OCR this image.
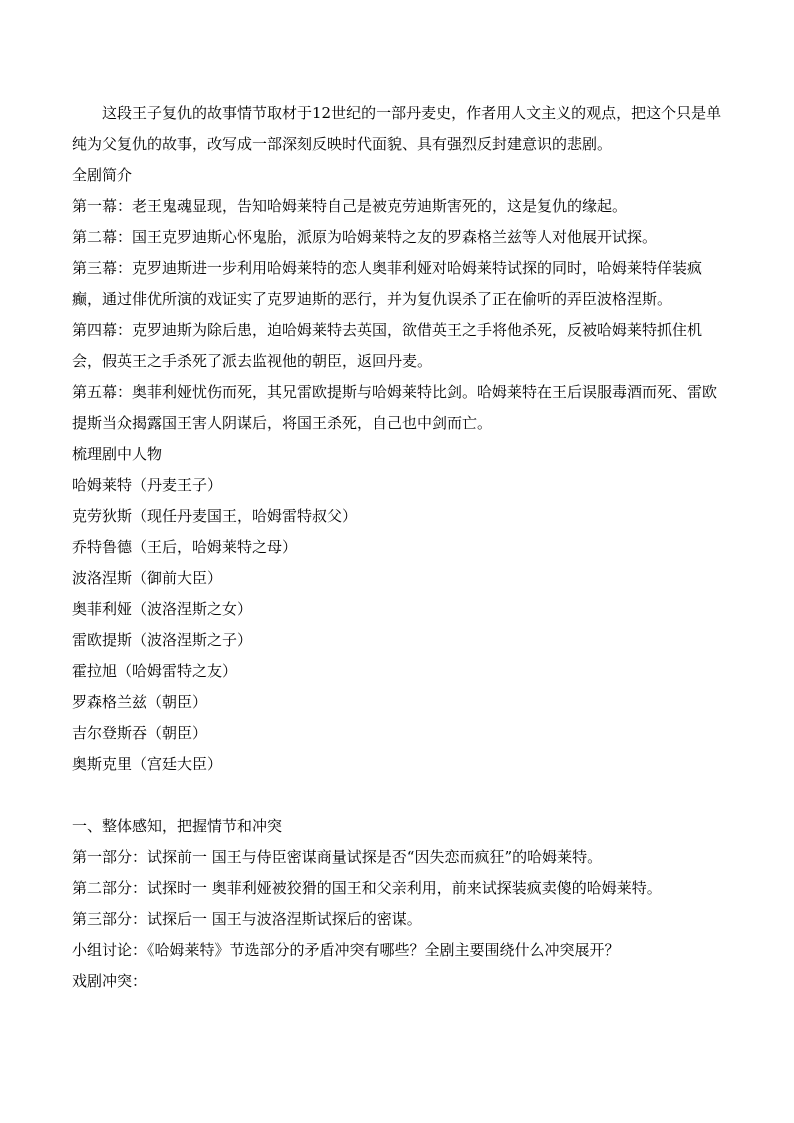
这段王子复仇的故事情节取材于12世纪的一部丹麦史，作者用人文主义的观点，把这个只是单纯为父复仇的故事，改写成一部深刻反映时代面貌、具有强烈反封建意识的悲剧。

全剧简介

第一幕：老王鬼魂显现，告知哈姆莱特自己是被克劳迪斯害死的，这是复仇的缘起。

第二幕：国王克罗迪斯心怀鬼胎，派原为哈姆莱特之友的罗森格兰兹等人对他展开试探。

第三幕：克罗迪斯进一步利用哈姆莱特的恋人奥菲利娅对哈姆莱特试探的同时，哈姆莱特佯装疯癫，通过俳优所演的戏证实了克罗迪斯的恶行，并为复仇误杀了正在偷听的弄臣波格涅斯。

第四幕：克罗迪斯为除后患，迫哈姆莱特去英国，欲借英王之手将他杀死，反被哈姆莱特抓住机会，假英王之手杀死了派去监视他的朝臣，返回丹麦。

第五幕：奥菲利娅忧伤而死，其兄雷欧提斯与哈姆莱特比剑。哈姆莱特在王后误服毒酒而死、雷欧提斯当众揭露国王害人阴谋后，将国王杀死，自己也中剑而亡。

梳理剧中人物

哈姆莱特（丹麦王子）
克劳狄斯（现任丹麦国王，哈姆雷特叔父）
乔特鲁德（王后，哈姆莱特之母）
波洛涅斯（御前大臣）
奥菲利娅（波洛涅斯之女）
雷欧提斯（波洛涅斯之子）
霍拉旭（哈姆雷特之友）
罗森格兰兹（朝臣）
吉尔登斯吞（朝臣）
奥斯克里（宫廷大臣）

一、整体感知，把握情节和冲突

第一部分：试探前一 国王与侍臣密谋商量试探是否“因失恋而疯狂”的哈姆莱特。

第二部分：试探时一 奥菲利娅被狡猾的国王和父亲利用，前来试探装疯卖傻的哈姆莱特。

第三部分：试探后一 国王与波洛涅斯试探后的密谋。

小组讨论：《哈姆莱特》节选部分的矛盾冲突有哪些？全剧主要围绕什么冲突展开？

戏剧冲突：
